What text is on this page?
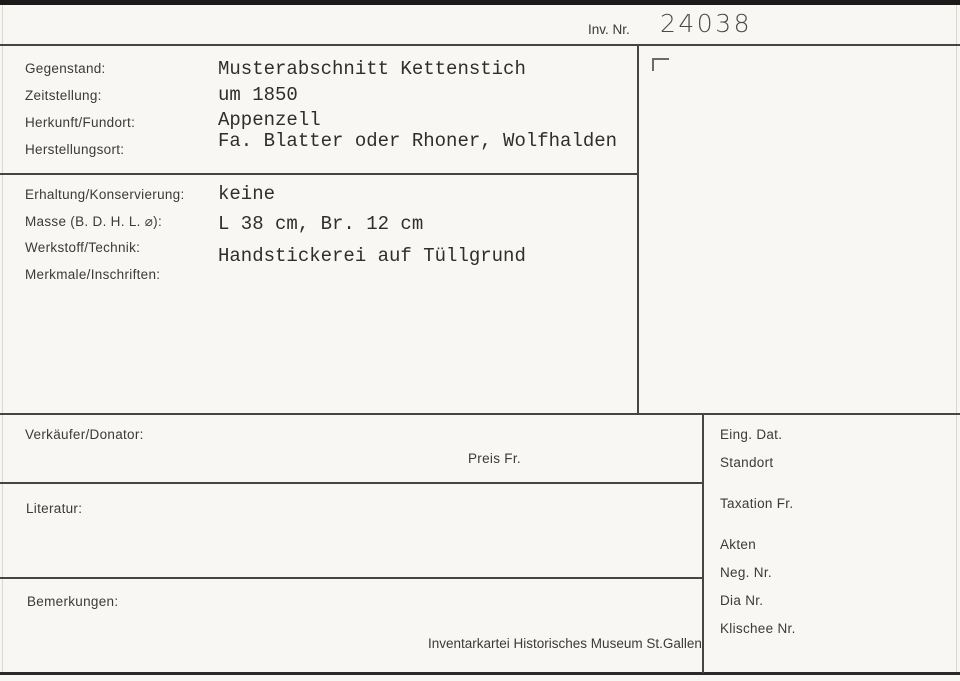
Inv. Nr. 24038
Gegenstand:
Zeitstellung:
Herkunft/Fundort:
Herstellungsort:
Musterabschnitt Kettenstich
um 1850
Appenzell
Fa. Blatter oder Rhoner, Wolfhalden
Erhaltung/Konservierung:
Masse (B. D. H. L. ⌀):
Werkstoff/Technik:
Merkmale/Inschriften:
keine
L 38 cm, Br. 12 cm
Handstickerei auf Tüllgrund
Verkäufer/Donator:
Preis Fr.
Literatur:
Bemerkungen:
Inventarkartei Historisches Museum St.Gallen
Eing. Dat.
Standort
Taxation Fr.
Akten
Neg. Nr.
Dia Nr.
Klischee Nr.
